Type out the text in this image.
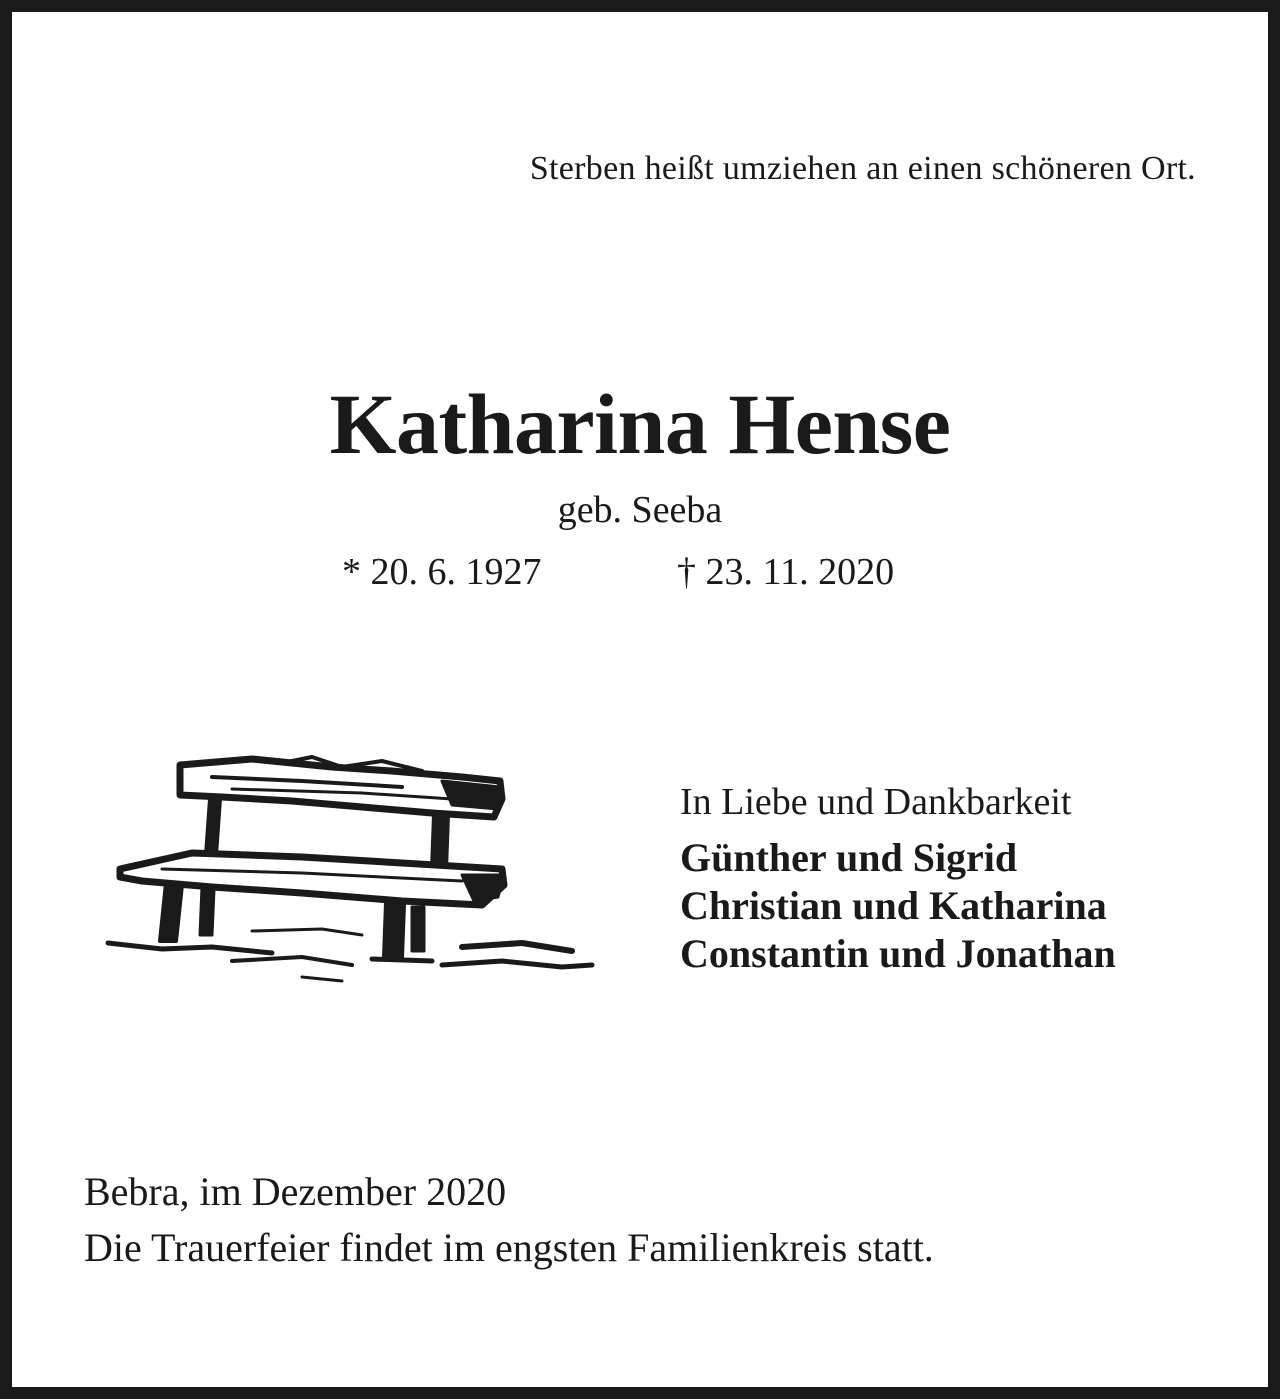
Sterben heißt umziehen an einen schöneren Ort.
Katharina Hense
geb. Seeba
* 20. 6. 1927	† 23. 11. 2020
In Liebe und Dankbarkeit
Günther und Sigrid
Christian und Katharina
Constantin und Jonathan
Bebra, im Dezember 2020
Die Trauerfeier findet im engsten Familienkreis statt.
